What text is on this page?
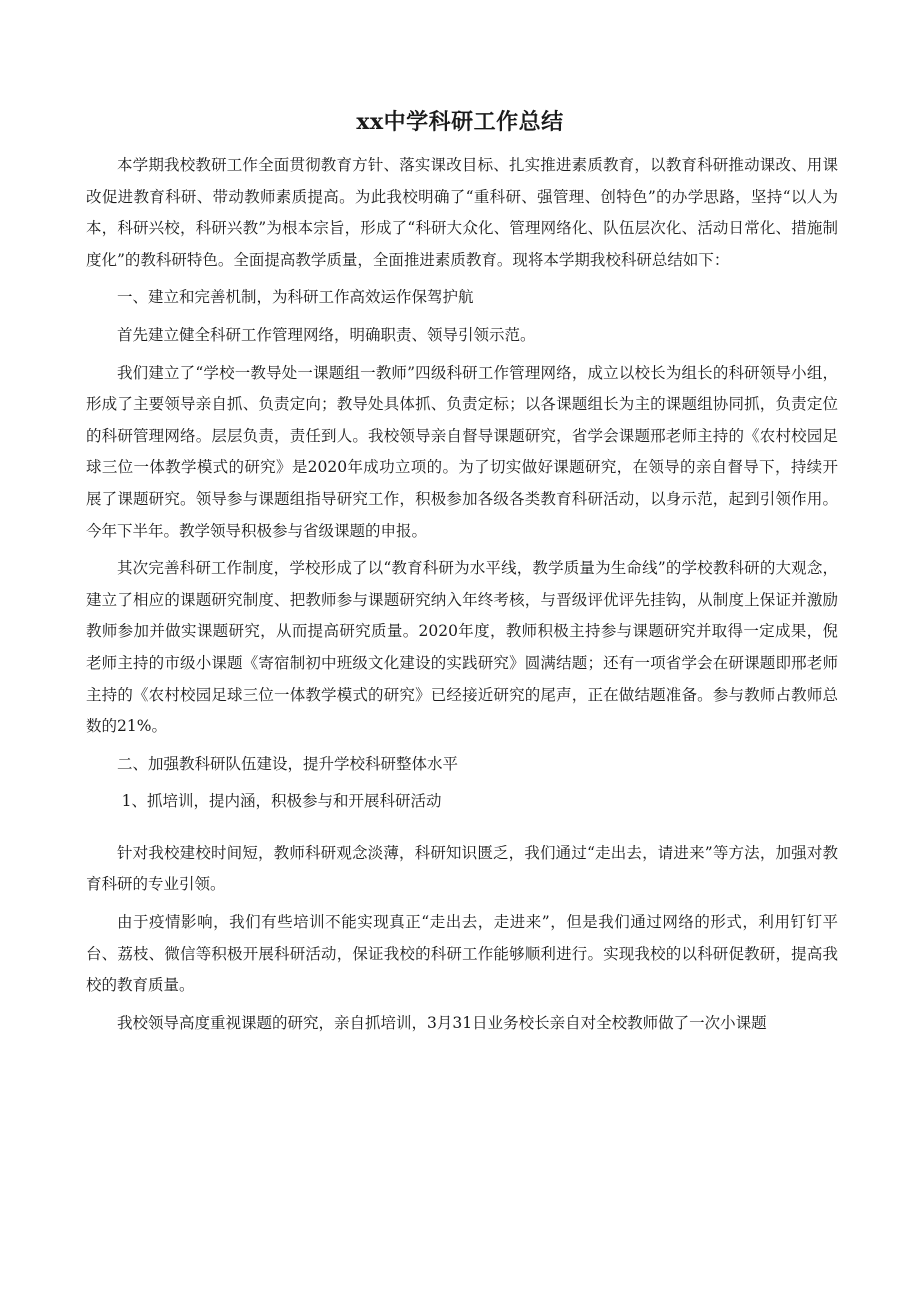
xx中学科研工作总结

本学期我校教研工作全面贯彻教育方针、落实课改目标、扎实推进素质教育，以教育科研推动课改、用课改促进教育科研、带动教师素质提高。为此我校明确了“重科研、强管理、创特色”的办学思路，坚持“以人为本，科研兴校，科研兴教”为根本宗旨，形成了“科研大众化、管理网络化、队伍层次化、活动日常化、措施制度化”的教科研特色。全面提高教学质量，全面推进素质教育。现将本学期我校科研总结如下：

一、建立和完善机制，为科研工作高效运作保驾护航

首先建立健全科研工作管理网络，明确职责、领导引领示范。

我们建立了“学校一教导处一课题组一教师”四级科研工作管理网络，成立以校长为组长的科研领导小组，形成了主要领导亲自抓、负责定向；教导处具体抓、负责定标；以各课题组长为主的课题组协同抓，负责定位的科研管理网络。层层负责，责任到人。我校领导亲自督导课题研究，省学会课题邢老师主持的《农村校园足球三位一体教学模式的研究》是2020年成功立项的。为了切实做好课题研究，在领导的亲自督导下，持续开展了课题研究。领导参与课题组指导研究工作，积极参加各级各类教育科研活动，以身示范，起到引领作用。今年下半年。教学领导积极参与省级课题的申报。

其次完善科研工作制度，学校形成了以“教育科研为水平线，教学质量为生命线”的学校教科研的大观念，建立了相应的课题研究制度、把教师参与课题研究纳入年终考核，与晋级评优评先挂钩，从制度上保证并激励教师参加并做实课题研究，从而提高研究质量。2020年度，教师积极主持参与课题研究并取得一定成果，倪老师主持的市级小课题《寄宿制初中班级文化建设的实践研究》圆满结题；还有一项省学会在研课题即邢老师主持的《农村校园足球三位一体教学模式的研究》已经接近研究的尾声，正在做结题准备。参与教师占教师总数的21%。

二、加强教科研队伍建设，提升学校科研整体水平

1、抓培训，提内涵，积极参与和开展科研活动

针对我校建校时间短，教师科研观念淡薄，科研知识匮乏，我们通过“走出去，请进来”等方法，加强对教育科研的专业引领。

由于疫情影响，我们有些培训不能实现真正“走出去，走进来”，但是我们通过网络的形式，利用钉钉平台、荔枝、微信等积极开展科研活动，保证我校的科研工作能够顺利进行。实现我校的以科研促教研，提高我校的教育质量。

我校领导高度重视课题的研究，亲自抓培训，3月31日业务校长亲自对全校教师做了一次小课题
